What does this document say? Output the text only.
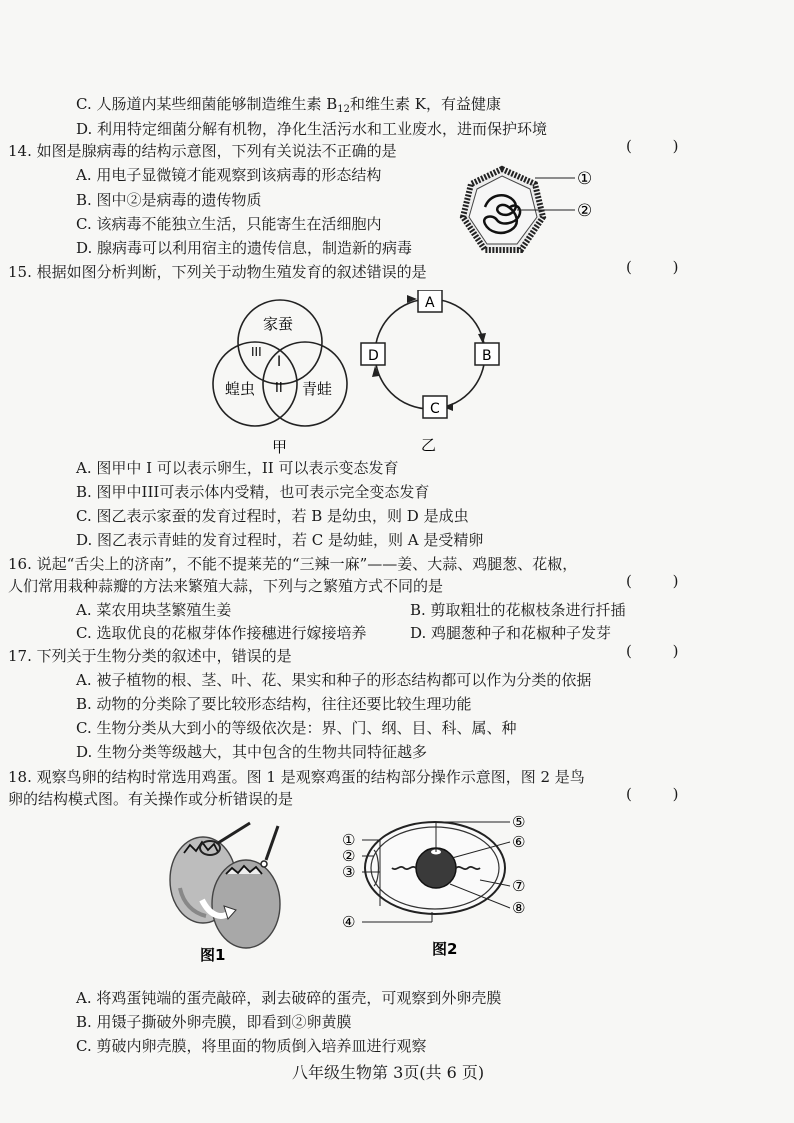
C. 人肠道内某些细菌能够制造维生素 $B_{12}$和维生素 K，有益健康
D. 利用特定细菌分解有机物，净化生活污水和工业废水，进而保护环境
14. 如图是腺病毒的结构示意图，下列有关说法不正确的是	( )
A. 用电子显微镜才能观察到该病毒的形态结构
B. 图中②是病毒的遗传物质
C. 该病毒不能独立生活，只能寄生在活细胞内
D. 腺病毒可以利用宿主的遗传信息，制造新的病毒
①
②
15. 根据如图分析判断，下列关于动物生殖发育的叙述错误的是	( )
家蚕
蝗虫	青蛙
I
II
III
甲
A
B
C
D
乙
A. 图甲中 I 可以表示卵生，II 可以表示变态发育
B. 图甲中III可表示体内受精，也可表示完全变态发育
C. 图乙表示家蚕的发育过程时，若 B 是幼虫，则 D 是成虫
D. 图乙表示青蛙的发育过程时，若 C 是幼蛙，则 A 是受精卵
16. 说起“舌尖上的济南”，不能不提莱芜的“三辣一麻”——姜、大蒜、鸡腿葱、花椒，
人们常用栽种蒜瓣的方法来繁殖大蒜，下列与之繁殖方式不同的是	( )
A. 菜农用块茎繁殖生姜	B. 剪取粗壮的花椒枝条进行扦插
C. 选取优良的花椒芽体作接穗进行嫁接培养	D. 鸡腿葱种子和花椒种子发芽
17. 下列关于生物分类的叙述中，错误的是	( )
A. 被子植物的根、茎、叶、花、果实和种子的形态结构都可以作为分类的依据
B. 动物的分类除了要比较形态结构，往往还要比较生理功能
C. 生物分类从大到小的等级依次是：界、门、纲、目、科、属、种
D. 生物分类等级越大，其中包含的生物共同特征越多
18. 观察鸟卵的结构时常选用鸡蛋。图 1 是观察鸡蛋的结构部分操作示意图，图 2 是鸟
卵的结构模式图。有关操作或分析错误的是	( )
图1
①
②
③
④
⑤
⑥
⑦
⑧
图2
A. 将鸡蛋钝端的蛋壳敲碎，剥去破碎的蛋壳，可观察到外卵壳膜
B. 用镊子撕破外卵壳膜，即看到②卵黄膜
C. 剪破内卵壳膜，将里面的物质倒入培养皿进行观察
八年级生物第 3页(共 6 页)
